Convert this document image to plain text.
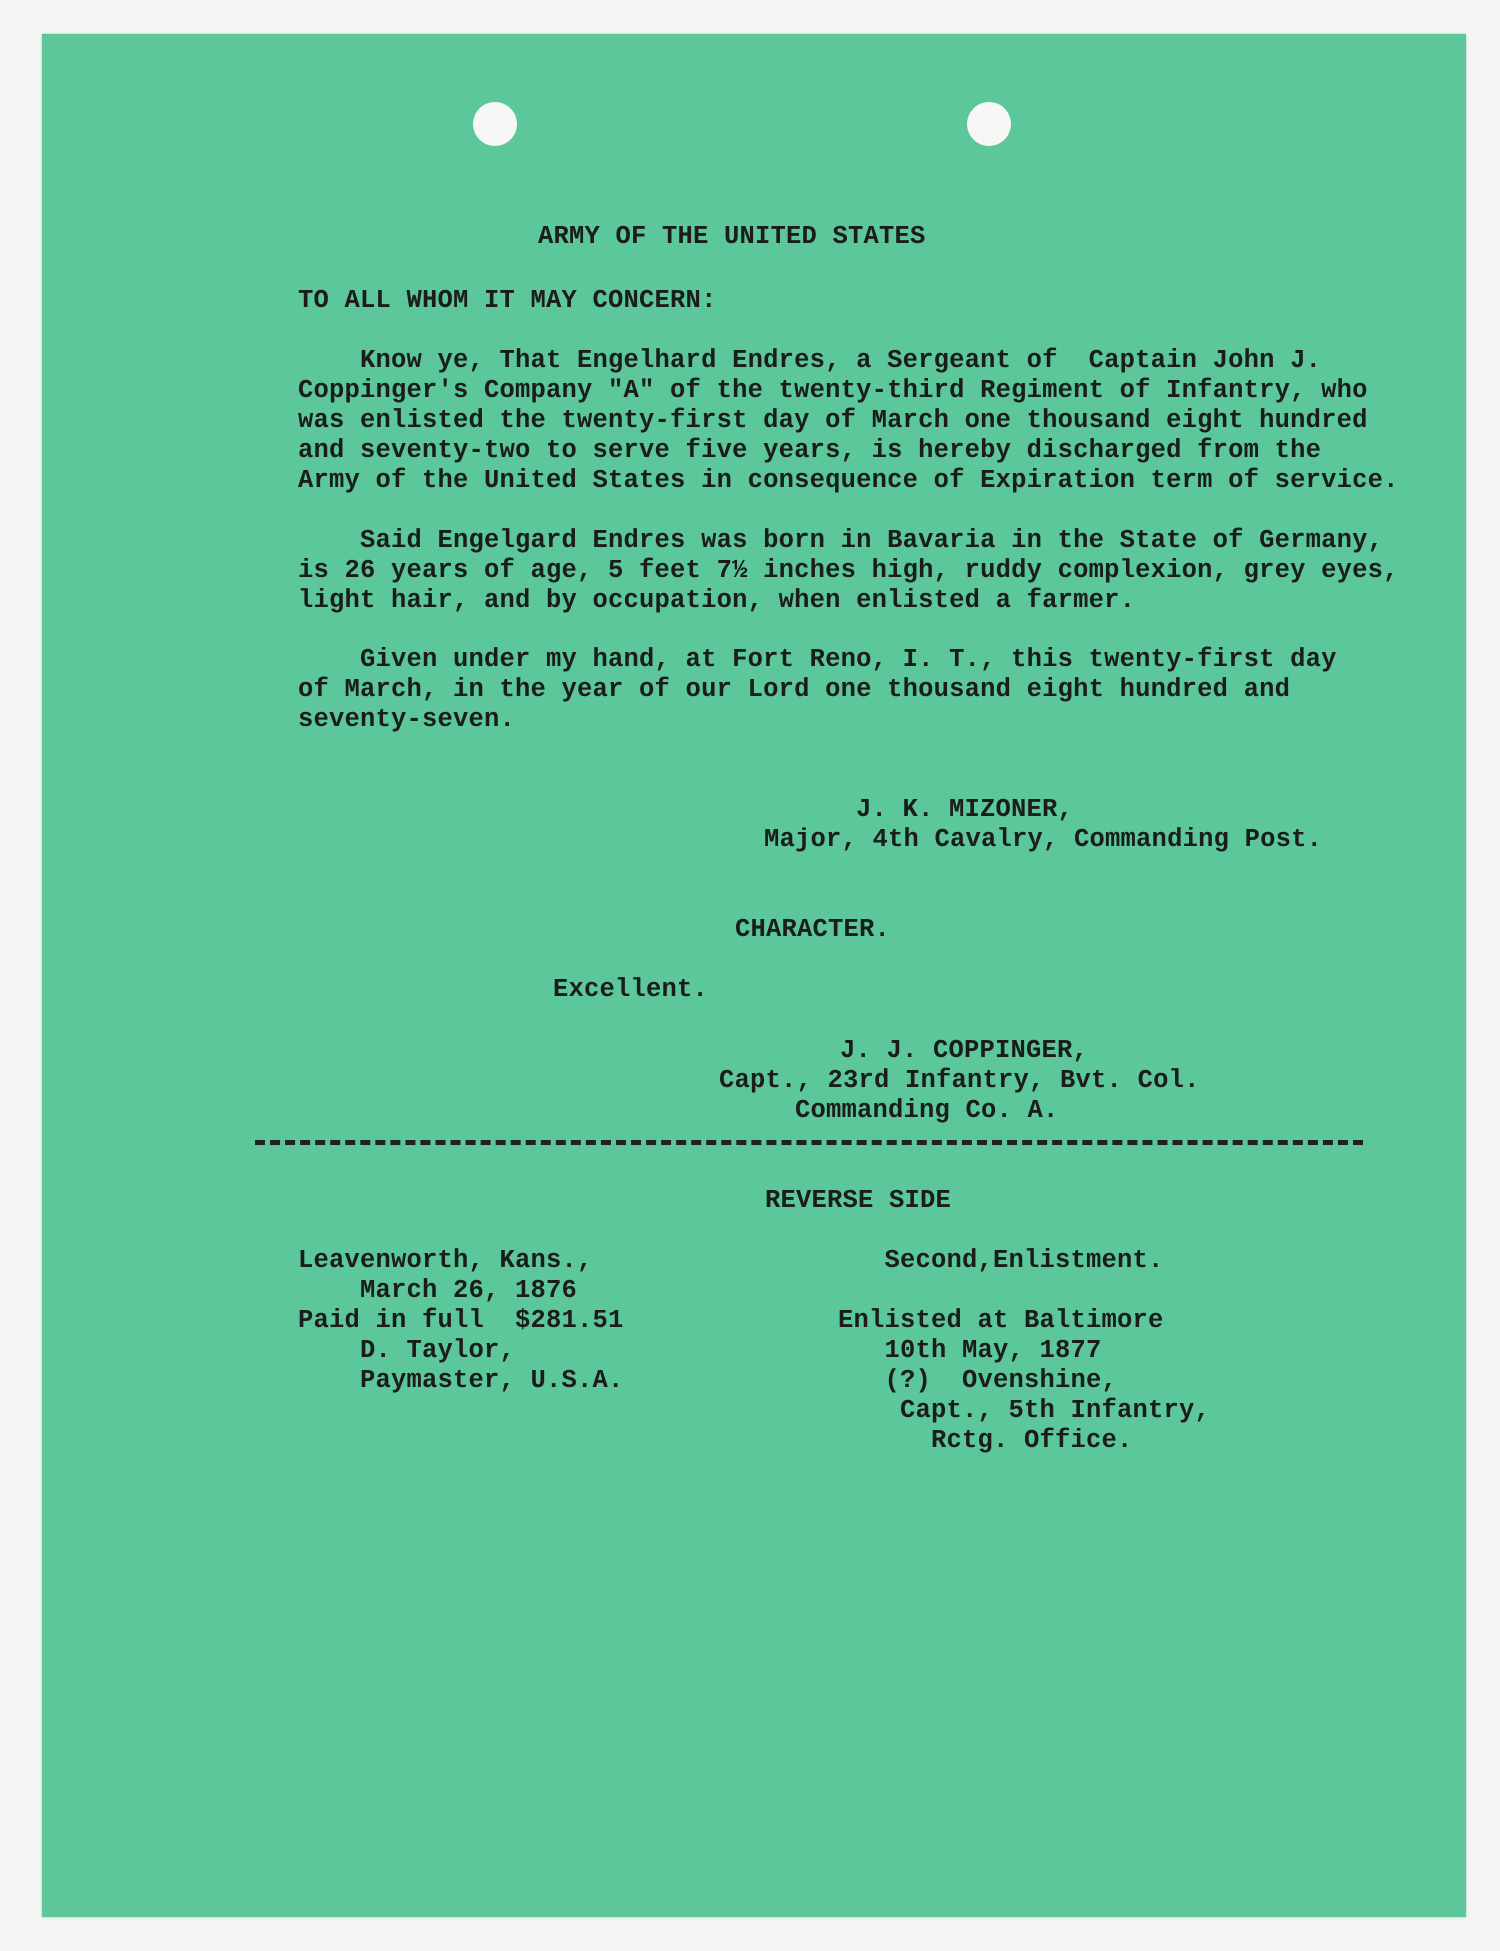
ARMY OF THE UNITED STATES
TO ALL WHOM IT MAY CONCERN:
Know ye, That Engelhard Endres, a Sergeant of  Captain John J.
Coppinger's Company "A" of the twenty-third Regiment of Infantry, who
was enlisted the twenty-first day of March one thousand eight hundred
and seventy-two to serve five years, is hereby discharged from the
Army of the United States in consequence of Expiration term of service.
Said Engelgard Endres was born in Bavaria in the State of Germany,
is 26 years of age, 5 feet 7½ inches high, ruddy complexion, grey eyes,
light hair, and by occupation, when enlisted a farmer.
Given under my hand, at Fort Reno, I. T., this twenty-first day
of March, in the year of our Lord one thousand eight hundred and
seventy-seven.
J. K. MIZONER,
Major, 4th Cavalry, Commanding Post.
CHARACTER.
Excellent.
J. J. COPPINGER,
Capt., 23rd Infantry, Bvt. Col.
Commanding Co. A.
REVERSE SIDE
Leavenworth, Kans.,
March 26, 1876
Paid in full  $281.51
D. Taylor,
Paymaster, U.S.A.
Second,Enlistment.
Enlisted at Baltimore
10th May, 1877
(?)  Ovenshine,
Capt., 5th Infantry,
Rctg. Office.
